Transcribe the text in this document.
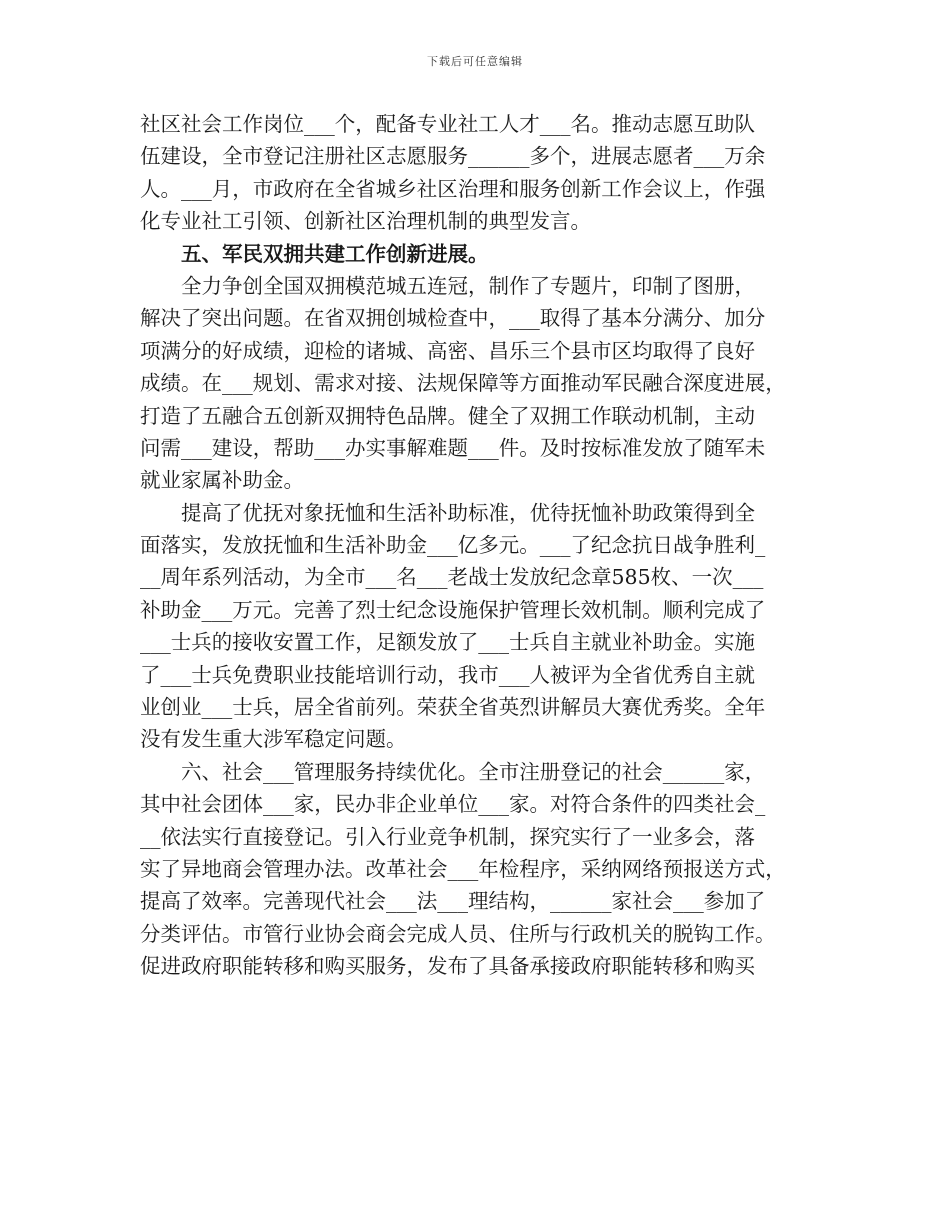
下载后可任意编辑
社区社会工作岗位___个，配备专业社工人才___名。推动志愿互助队
伍建设，全市登记注册社区志愿服务______多个，进展志愿者___万余
人。___月，市政府在全省城乡社区治理和服务创新工作会议上，作强
化专业社工引领、创新社区治理机制的典型发言。
五、军民双拥共建工作创新进展。
全力争创全国双拥模范城五连冠，制作了专题片，印制了图册，
解决了突出问题。在省双拥创城检查中，___取得了基本分满分、加分
项满分的好成绩，迎检的诸城、高密、昌乐三个县市区均取得了良好
成绩。在___规划、需求对接、法规保障等方面推动军民融合深度进展，
打造了五融合五创新双拥特色品牌。健全了双拥工作联动机制，主动
问需___建设，帮助___办实事解难题___件。及时按标准发放了随军未
就业家属补助金。
提高了优抚对象抚恤和生活补助标准，优待抚恤补助政策得到全
面落实，发放抚恤和生活补助金___亿多元。___了纪念抗日战争胜利_
__周年系列活动，为全市___名___老战士发放纪念章585枚、一次___
补助金___万元。完善了烈士纪念设施保护管理长效机制。顺利完成了
___士兵的接收安置工作，足额发放了___士兵自主就业补助金。实施
了___士兵免费职业技能培训行动，我市___人被评为全省优秀自主就
业创业___士兵，居全省前列。荣获全省英烈讲解员大赛优秀奖。全年
没有发生重大涉军稳定问题。
六、社会___管理服务持续优化。全市注册登记的社会______家，
其中社会团体___家，民办非企业单位___家。对符合条件的四类社会_
__依法实行直接登记。引入行业竞争机制，探究实行了一业多会，落
实了异地商会管理办法。改革社会___年检程序，采纳网络预报送方式，
提高了效率。完善现代社会___法___理结构，______家社会___参加了
分类评估。市管行业协会商会完成人员、住所与行政机关的脱钩工作。
促进政府职能转移和购买服务，发布了具备承接政府职能转移和购买
